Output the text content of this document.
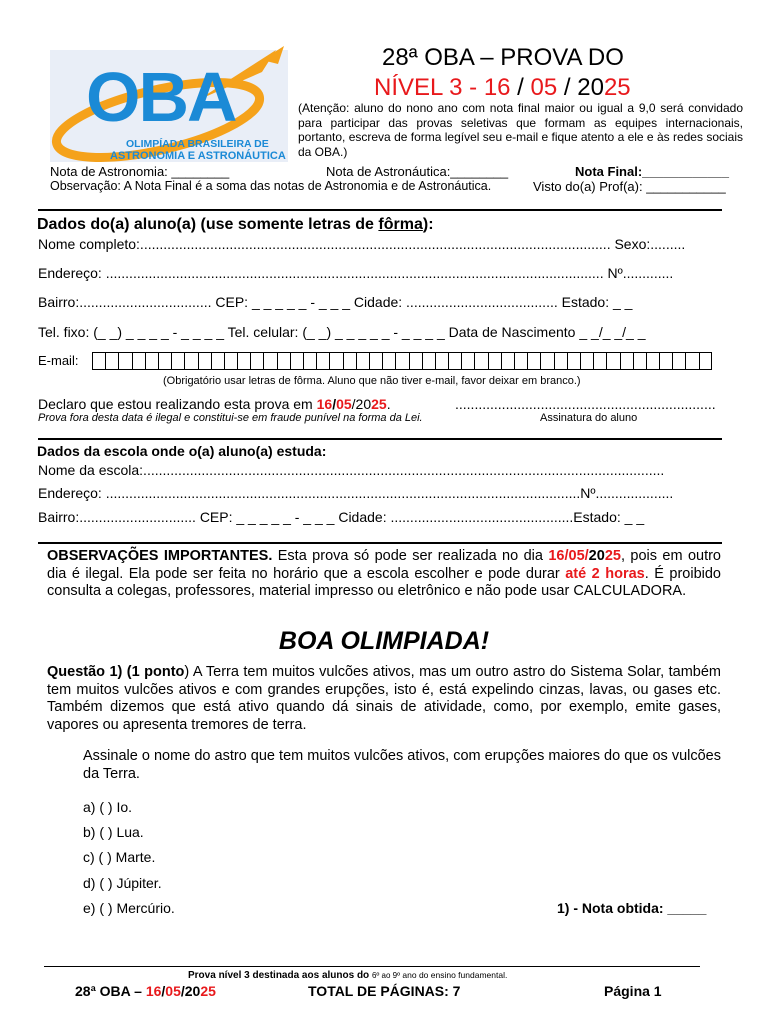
OBA
OLIMPÍADA BRASILEIRA DE
ASTRONOMIA E ASTRONÁUTICA
28ª OBA – PROVA DO
NÍVEL 3 - 16 / 05 / 2025
(Atenção: aluno do nono ano com nota final maior ou igual a 9,0 será convidado para participar das provas seletivas que formam as equipes internacionais, portanto, escreva de forma legível seu e-mail e fique atento a ele e às redes sociais da OBA.)
Nota de Astronomia: ________	Nota de Astronáutica:________	Nota Final:____________
Observação: A Nota Final é a soma das notas de Astronomia e de Astronáutica.	Visto do(a) Prof(a): ___________
Dados do(a) aluno(a) (use somente letras de fôrma):
Nome completo:......................................................................................................................... Sexo:.........
Endereço: ................................................................................................................................ Nº.............
Bairro:.................................. CEP: _ _ _ _ _ - _ _ _ Cidade: ....................................... Estado: _ _
Tel. fixo: (_ _) _ _ _ _ - _ _ _ _ Tel. celular: (_ _) _ _ _ _ _ - _ _ _ _ Data de Nascimento _ _/_ _/_ _
E-mail:
(Obrigatório usar letras de fôrma. Aluno que não tiver e-mail, favor deixar em branco.)
Declaro que estou realizando esta prova em 16/05/2025.	...................................................................
Prova fora desta data é ilegal e constitui-se em fraude punível na forma da Lei.	Assinatura do aluno
Dados da escola onde o(a) aluno(a) estuda:
Nome da escola:......................................................................................................................................
Endereço: ..........................................................................................................................Nº....................
Bairro:.............................. CEP: _ _ _ _ _ - _ _ _ Cidade: ...............................................Estado: _ _
OBSERVAÇÕES IMPORTANTES. Esta prova só pode ser realizada no dia 16/05/2025, pois em outro dia é ilegal. Ela pode ser feita no horário que a escola escolher e pode durar até 2 horas. É proibido consulta a colegas, professores, material impresso ou eletrônico e não pode usar CALCULADORA.
BOA OLIMPIADA!
Questão 1) (1 ponto) A Terra tem muitos vulcões ativos, mas um outro astro do Sistema Solar, também tem muitos vulcões ativos e com grandes erupções, isto é, está expelindo cinzas, lavas, ou gases etc. Também dizemos que está ativo quando dá sinais de atividade, como, por exemplo, emite gases, vapores ou apresenta tremores de terra.
Assinale o nome do astro que tem muitos vulcões ativos, com erupções maiores do que os vulcões da Terra.
a) ( ) Io.
b) ( ) Lua.
c) ( ) Marte.
d) ( ) Júpiter.
e) ( ) Mercúrio.	1) - Nota obtida: _____
Prova nível 3 destinada aos alunos do 6º ao 9º ano do ensino fundamental.
28ª OBA – 16/05/2025	TOTAL DE PÁGINAS: 7	Página 1
